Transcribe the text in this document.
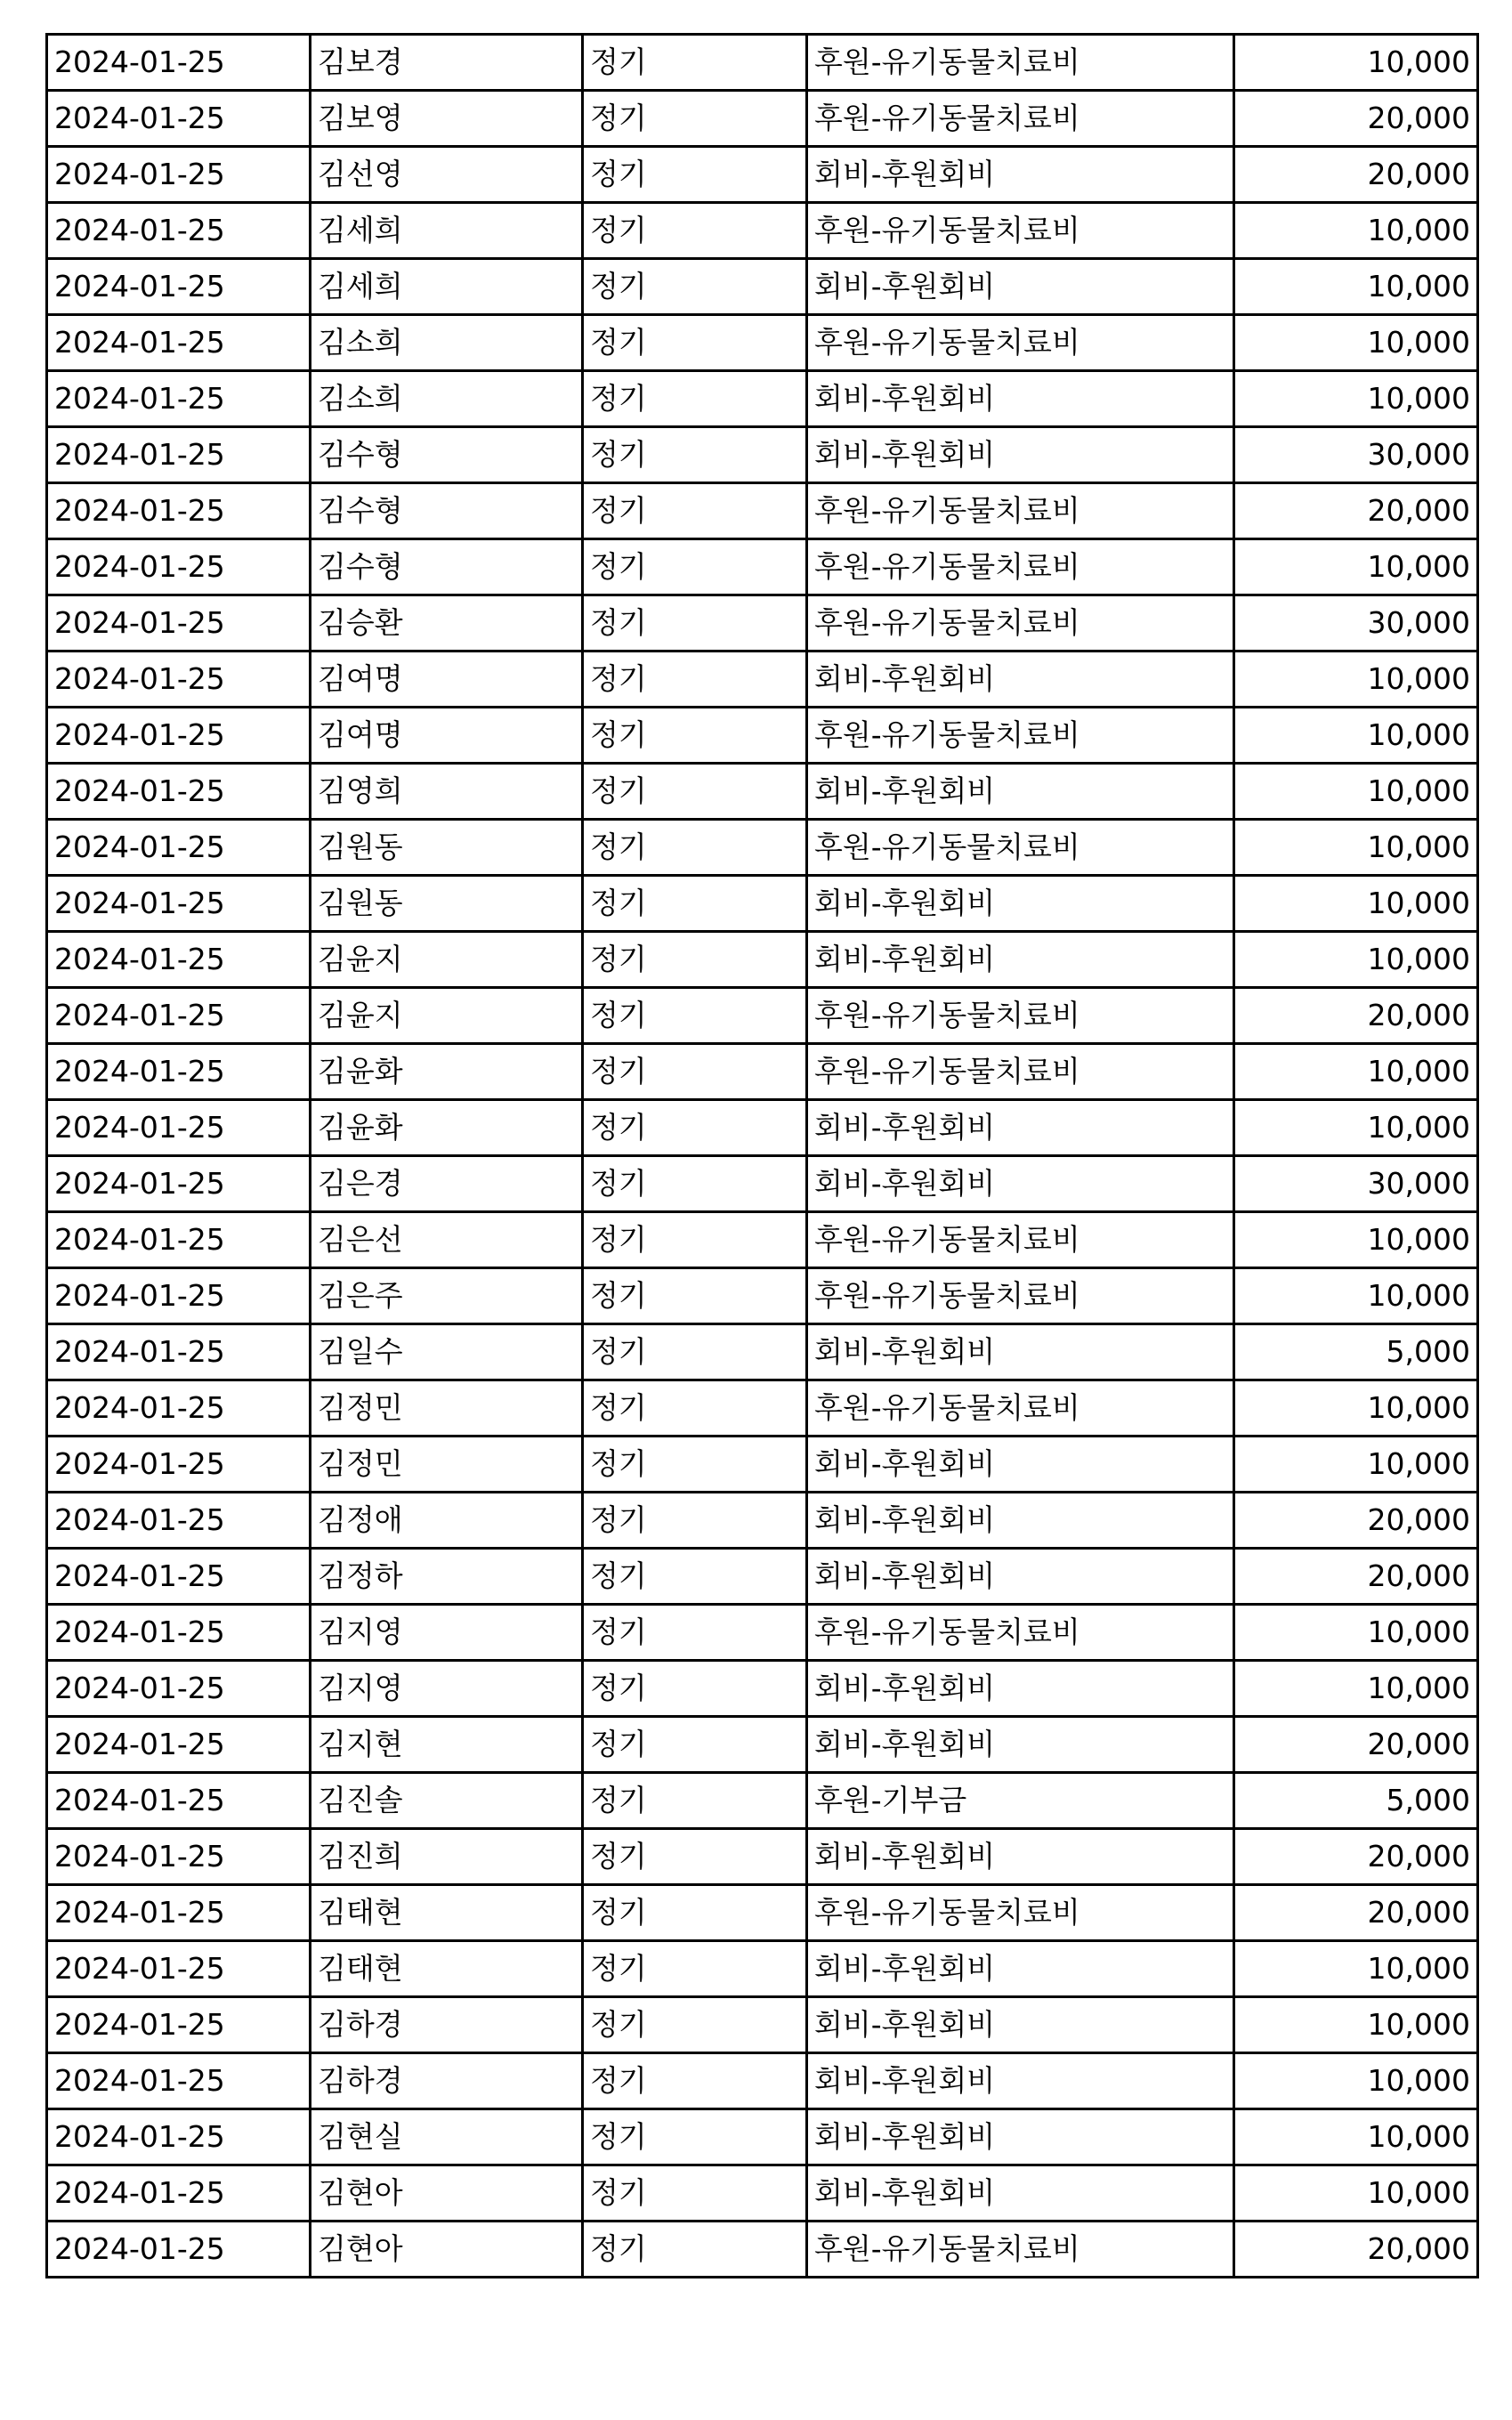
2024-01-25	김보경	정기	후원-유기동물치료비	10,000
2024-01-25	김보영	정기	후원-유기동물치료비	20,000
2024-01-25	김선영	정기	회비-후원회비	20,000
2024-01-25	김세희	정기	후원-유기동물치료비	10,000
2024-01-25	김세희	정기	회비-후원회비	10,000
2024-01-25	김소희	정기	후원-유기동물치료비	10,000
2024-01-25	김소희	정기	회비-후원회비	10,000
2024-01-25	김수형	정기	회비-후원회비	30,000
2024-01-25	김수형	정기	후원-유기동물치료비	20,000
2024-01-25	김수형	정기	후원-유기동물치료비	10,000
2024-01-25	김승환	정기	후원-유기동물치료비	30,000
2024-01-25	김여명	정기	회비-후원회비	10,000
2024-01-25	김여명	정기	후원-유기동물치료비	10,000
2024-01-25	김영희	정기	회비-후원회비	10,000
2024-01-25	김원동	정기	후원-유기동물치료비	10,000
2024-01-25	김원동	정기	회비-후원회비	10,000
2024-01-25	김윤지	정기	회비-후원회비	10,000
2024-01-25	김윤지	정기	후원-유기동물치료비	20,000
2024-01-25	김윤화	정기	후원-유기동물치료비	10,000
2024-01-25	김윤화	정기	회비-후원회비	10,000
2024-01-25	김은경	정기	회비-후원회비	30,000
2024-01-25	김은선	정기	후원-유기동물치료비	10,000
2024-01-25	김은주	정기	후원-유기동물치료비	10,000
2024-01-25	김일수	정기	회비-후원회비	5,000
2024-01-25	김정민	정기	후원-유기동물치료비	10,000
2024-01-25	김정민	정기	회비-후원회비	10,000
2024-01-25	김정애	정기	회비-후원회비	20,000
2024-01-25	김정하	정기	회비-후원회비	20,000
2024-01-25	김지영	정기	후원-유기동물치료비	10,000
2024-01-25	김지영	정기	회비-후원회비	10,000
2024-01-25	김지현	정기	회비-후원회비	20,000
2024-01-25	김진솔	정기	후원-기부금	5,000
2024-01-25	김진희	정기	회비-후원회비	20,000
2024-01-25	김태현	정기	후원-유기동물치료비	20,000
2024-01-25	김태현	정기	회비-후원회비	10,000
2024-01-25	김하경	정기	회비-후원회비	10,000
2024-01-25	김하경	정기	회비-후원회비	10,000
2024-01-25	김현실	정기	회비-후원회비	10,000
2024-01-25	김현아	정기	회비-후원회비	10,000
2024-01-25	김현아	정기	후원-유기동물치료비	20,000
